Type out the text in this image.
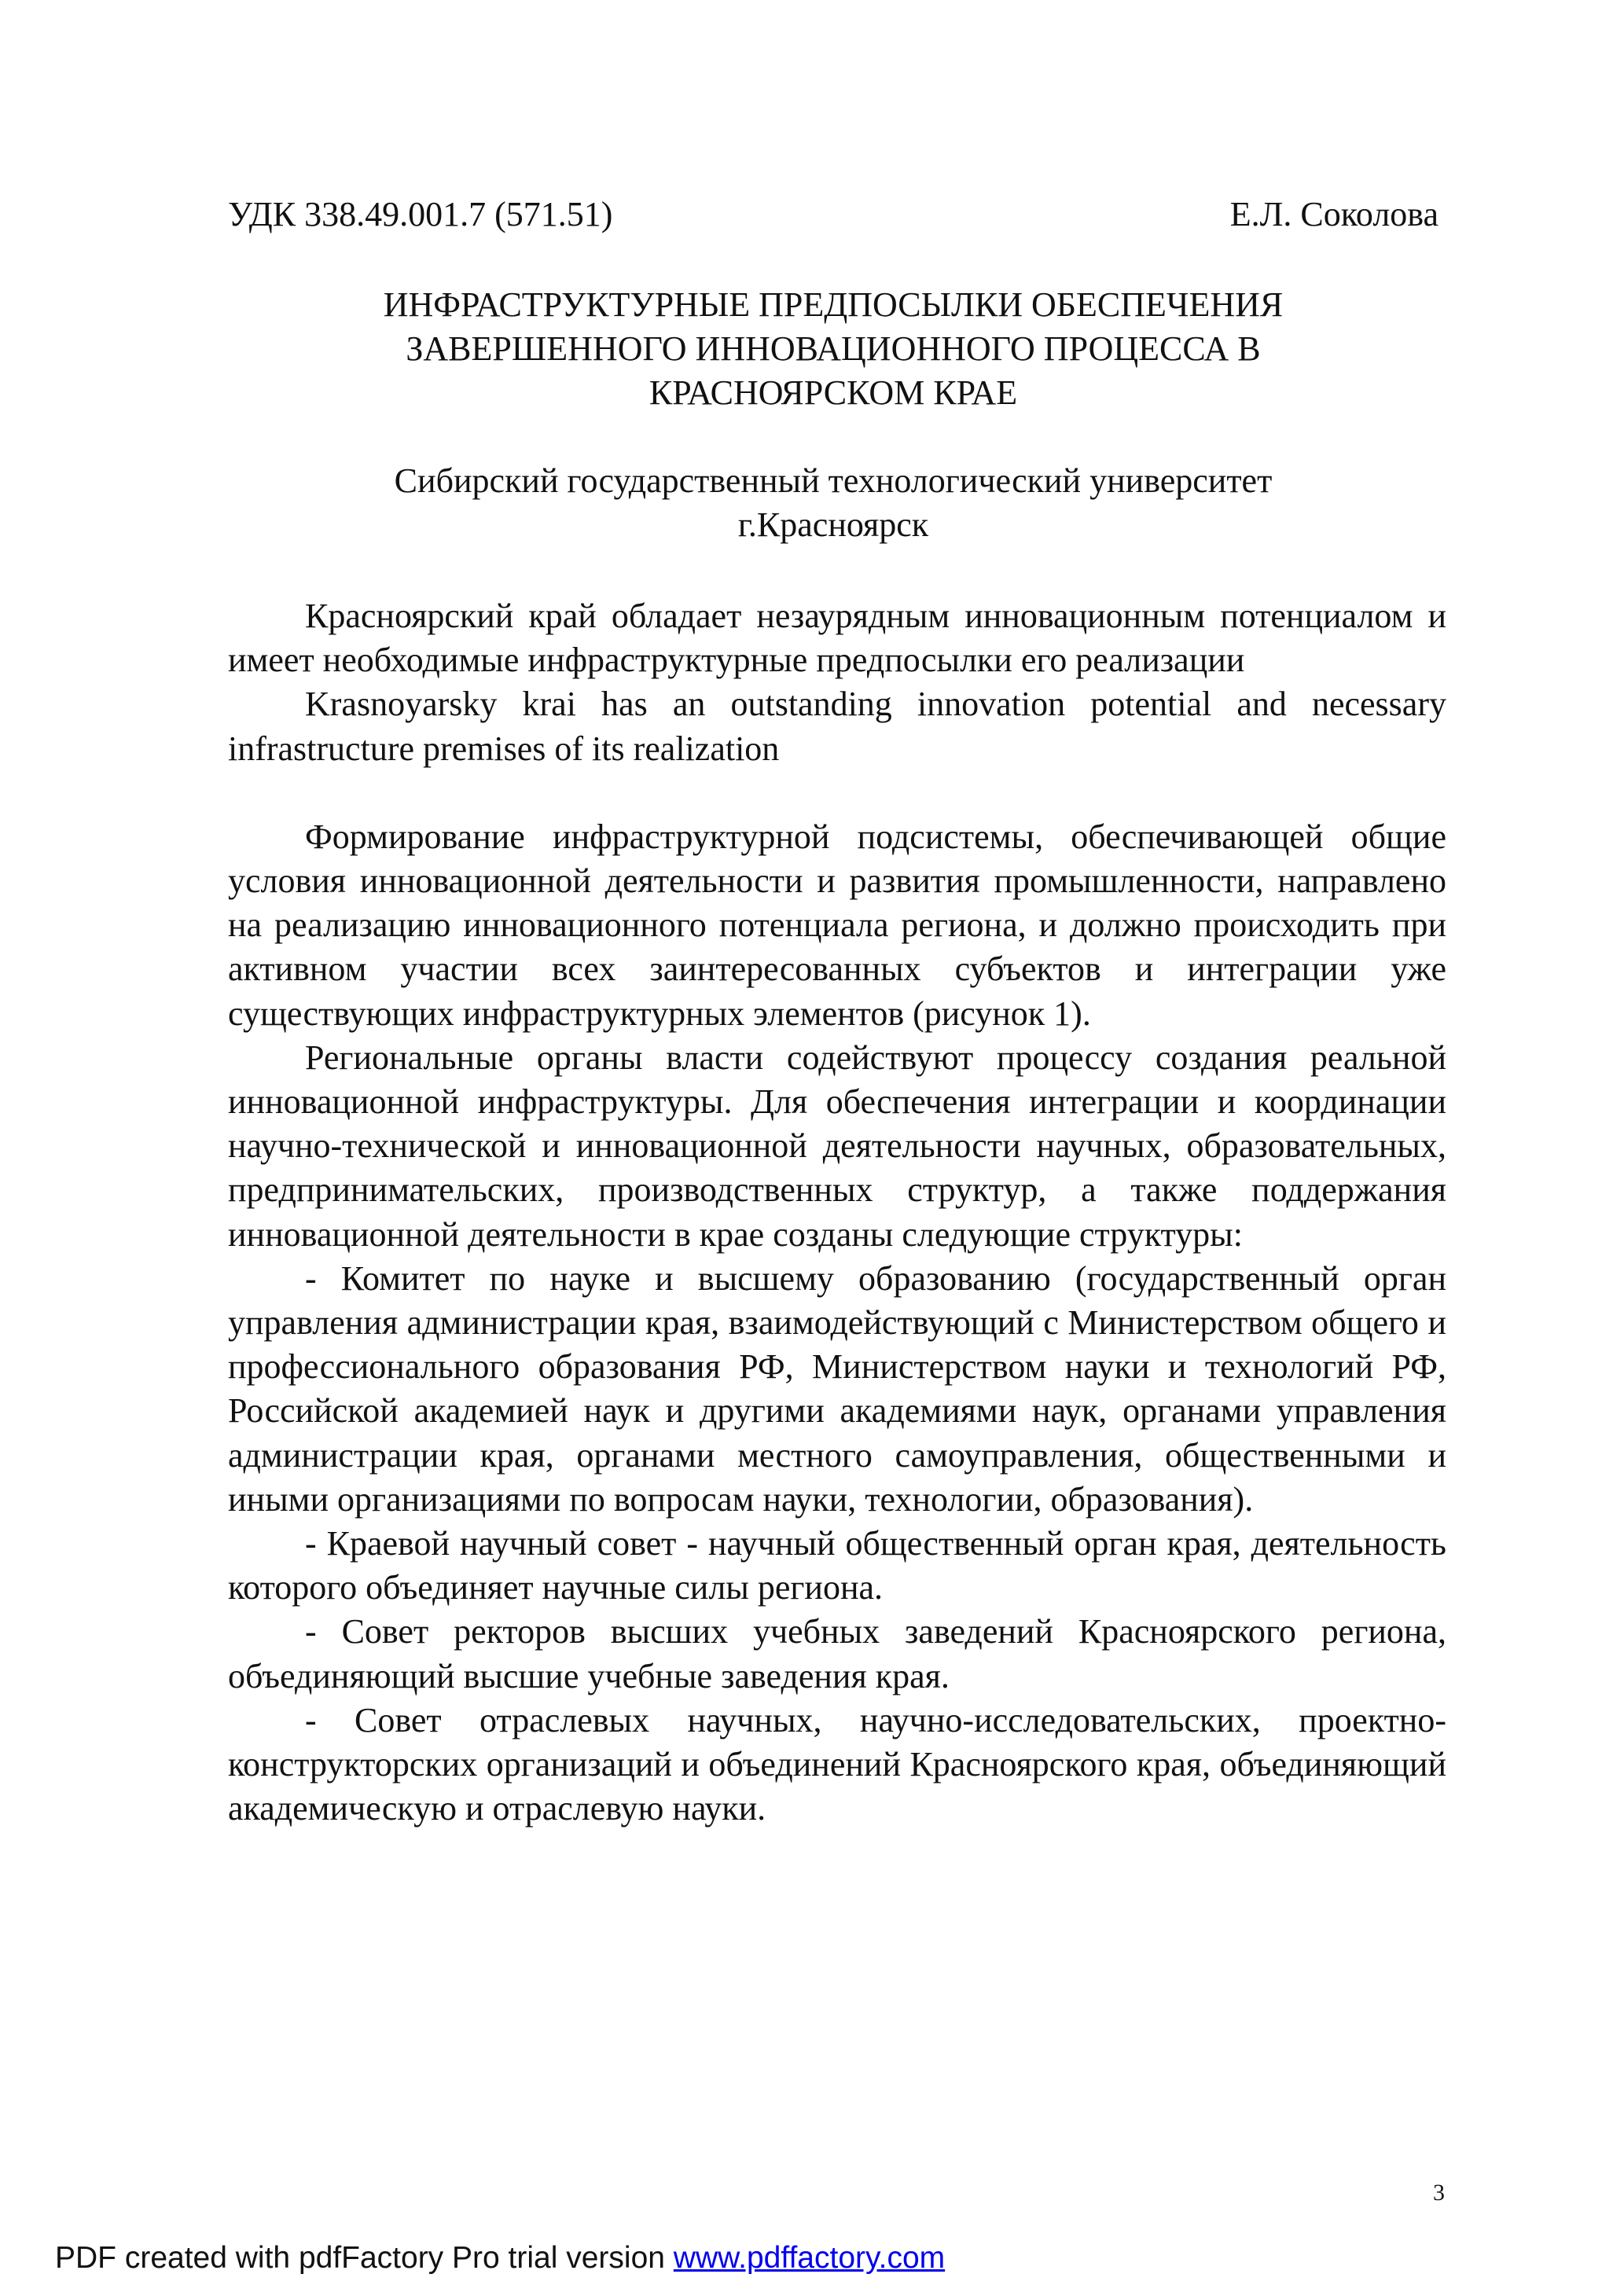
УДК 338.49.001.7 (571.51)	Е.Л. Соколова
ИНФРАСТРУКТУРНЫЕ ПРЕДПОСЫЛКИ ОБЕСПЕЧЕНИЯ
ЗАВЕРШЕННОГО ИННОВАЦИОННОГО ПРОЦЕССА В
КРАСНОЯРСКОМ КРАЕ
Сибирский государственный технологический университет
г.Красноярск

Красноярский край обладает незаурядным инновационным потенциалом и имеет необходимые инфраструктурные предпосылки его реализации

Krasnoyarsky krai has an outstanding innovation potential and necessary infrastructure premises of its realization

Формирование инфраструктурной подсистемы, обеспечивающей общие условия инновационной деятельности и развития промышленности, направлено на реализацию инновационного потенциала региона, и должно происходить при активном участии всех заинтересованных субъектов и интеграции уже существующих инфраструктурных элементов (рисунок 1).

Региональные органы власти содействуют процессу создания реальной инновационной инфраструктуры. Для обеспечения интеграции и координации научно-технической и инновационной деятельности научных, образовательных, предпринимательских, производственных структур, а также поддержания инновационной деятельности в крае созданы следующие структуры:

- Комитет по науке и высшему образованию (государственный орган управления администрации края, взаимодействующий с Министерством общего и профессионального образования РФ, Министерством науки и технологий РФ, Российской академией наук и другими академиями наук, органами управления администрации края, органами местного самоуправления, общественными и иными организациями по вопросам науки, технологии, образования).

- Краевой научный совет - научный общественный орган края, деятельность которого объединяет научные силы региона.

- Совет ректоров высших учебных заведений Красноярского региона, объединяющий высшие учебные заведения края.

- Совет отраслевых научных, научно-исследовательских, проектно-конструкторских организаций и объединений Красноярского края, объединяющий академическую и отраслевую науки.

3
PDF created with pdfFactory Pro trial version www.pdffactory.com
